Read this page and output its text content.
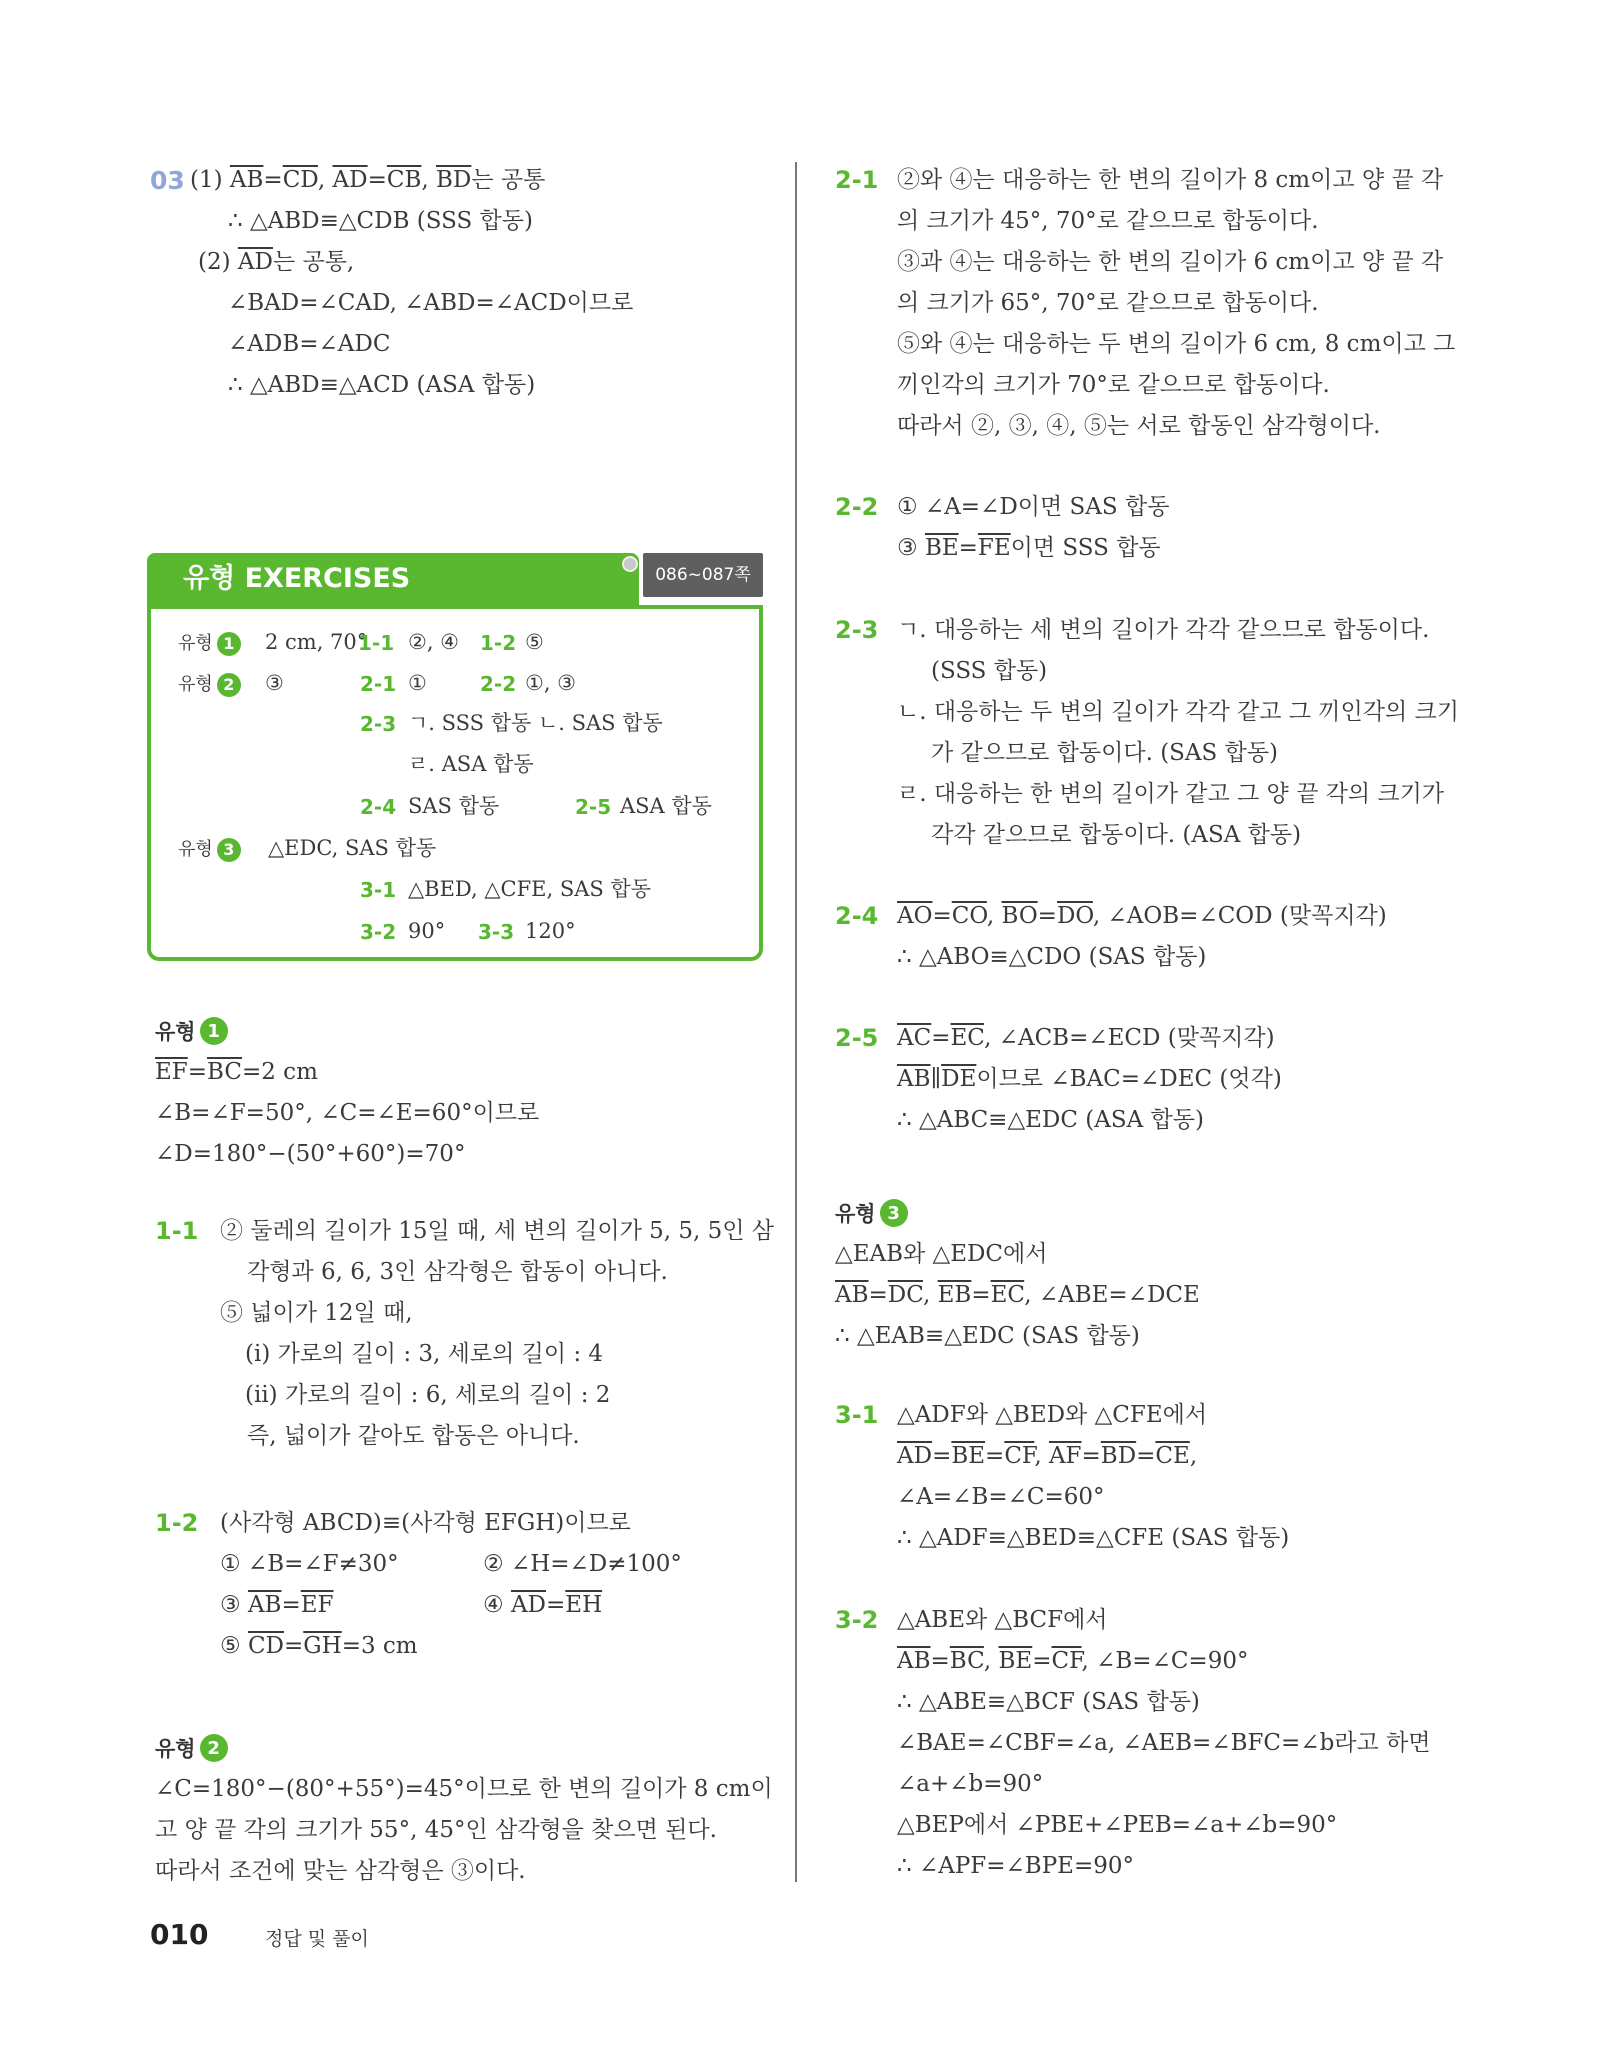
03 (1) $\overline{AB}=\overline{CD}$, $\overline{AD}=\overline{CB}$, $\overline{BD}$는 공통
∴ △ABD≡△CDB (SSS 합동)
(2) $\overline{AD}$는 공통,
∠BAD=∠CAD, ∠ABD=∠ACD이므로
∠ADB=∠ADC
∴ △ABD≡△ACD (ASA 합동)
유형 EXERCISES	086~087쪽
유형 1	2 cm, 70°
1-1 ②, ④ 1-2 ⑤
유형 2	③	2-1 ①	2-2 ①, ③
2-3 ㄱ. SSS 합동 ㄴ. SAS 합동
ㄹ. ASA 합동
2-4 SAS 합동	2-5 ASA 합동
유형 3	△EDC, SAS 합동
3-1 △BED, △CFE, SAS 합동
3-2 90° 3-3 120°
유형 1
$\overline{EF}=\overline{BC}=2$ cm
∠B=∠F=50°, ∠C=∠E=60°이므로
∠D=180°−(50°+60°)=70°
1-1 ② 둘레의 길이가 15일 때, 세 변의 길이가 5, 5, 5인 삼
각형과 6, 6, 3인 삼각형은 합동이 아니다.
⑤ 넓이가 12일 때,
(ⅰ) 가로의 길이 : 3, 세로의 길이 : 4
(ⅱ) 가로의 길이 : 6, 세로의 길이 : 2
즉, 넓이가 같아도 합동은 아니다.
1-2 (사각형 ABCD)≡(사각형 EFGH)이므로
① ∠B=∠F≠30°	② ∠H=∠D≠100°
③ $\overline{AB}=\overline{EF}$	④ $\overline{AD}=\overline{EH}$
⑤ $\overline{CD}=\overline{GH}=3$ cm
유형 2
∠C=180°−(80°+55°)=45°이므로 한 변의 길이가 8 cm이
고 양 끝 각의 크기가 55°, 45°인 삼각형을 찾으면 된다.
따라서 조건에 맞는 삼각형은 ③이다.
2-1 ②와 ④는 대응하는 한 변의 길이가 8 cm이고 양 끝 각
의 크기가 45°, 70°로 같으므로 합동이다.
③과 ④는 대응하는 한 변의 길이가 6 cm이고 양 끝 각
의 크기가 65°, 70°로 같으므로 합동이다.
⑤와 ④는 대응하는 두 변의 길이가 6 cm, 8 cm이고 그
끼인각의 크기가 70°로 같으므로 합동이다.
따라서 ②, ③, ④, ⑤는 서로 합동인 삼각형이다.
2-2 ① ∠A=∠D이면 SAS 합동
③ $\overline{BE}=\overline{FE}$이면 SSS 합동
2-3 ㄱ. 대응하는 세 변의 길이가 각각 같으므로 합동이다.
(SSS 합동)
ㄴ. 대응하는 두 변의 길이가 각각 같고 그 끼인각의 크기
가 같으므로 합동이다. (SAS 합동)
ㄹ. 대응하는 한 변의 길이가 같고 그 양 끝 각의 크기가
각각 같으므로 합동이다. (ASA 합동)
2-4 $\overline{AO}=\overline{CO}$, $\overline{BO}=\overline{DO}$, ∠AOB=∠COD (맞꼭지각)
∴ △ABO≡△CDO (SAS 합동)
2-5 $\overline{AC}=\overline{EC}$, ∠ACB=∠ECD (맞꼭지각)
$\overline{AB}\parallel\overline{DE}$이므로 ∠BAC=∠DEC (엇각)
∴ △ABC≡△EDC (ASA 합동)
유형 3
△EAB와 △EDC에서
$\overline{AB}=\overline{DC}$, $\overline{EB}=\overline{EC}$, ∠ABE=∠DCE
∴ △EAB≡△EDC (SAS 합동)
3-1 △ADF와 △BED와 △CFE에서
$\overline{AD}=\overline{BE}=\overline{CF}$, $\overline{AF}=\overline{BD}=\overline{CE}$,
∠A=∠B=∠C=60°
∴ △ADF≡△BED≡△CFE (SAS 합동)
3-2 △ABE와 △BCF에서
$\overline{AB}=\overline{BC}$, $\overline{BE}=\overline{CF}$, ∠B=∠C=90°
∴ △ABE≡△BCF (SAS 합동)
∠BAE=∠CBF=∠a, ∠AEB=∠BFC=∠b라고 하면
∠a+∠b=90°
△BEP에서 ∠PBE+∠PEB=∠a+∠b=90°
∴ ∠APF=∠BPE=90°
010	정답 및 풀이
